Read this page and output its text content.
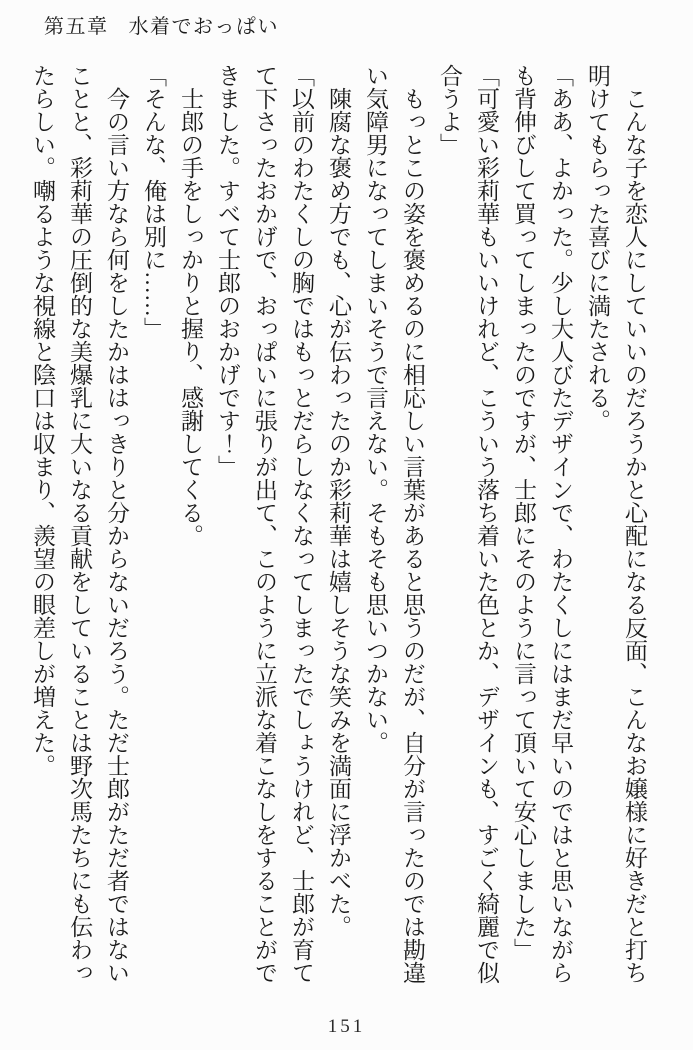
第五章 水着でおっぱい

こんな子を恋人にしていいのだろうかと心配になる反面、こんなお嬢様に好きだと打ち明けてもらった喜びに満たされる。

「ああ、よかった。少し大人びたデザインで、わたくしにはまだ早いのではと思いながらも背伸びして買ってしまったのですが、士郎にそのように言って頂いて安心しました」

「可愛い彩莉華もいいけれど、こういう落ち着いた色とか、デザインも、すごく綺麗で似合うよ」

もっとこの姿を褒めるのに相応しい言葉があると思うのだが、自分が言ったのでは勘違い気障男になってしまいそうで言えない。そもそも思いつかない。

陳腐な褒め方でも、心が伝わったのか彩莉華は嬉しそうな笑みを満面に浮かべた。

「以前のわたくしの胸ではもっとだらしなくなってしまったでしょうけれど、士郎が育てて下さったおかげで、おっぱいに張りが出て、このように立派な着こなしをすることができました。すべて士郎のおかげです！」

士郎の手をしっかりと握り、感謝してくる。

「そんな、俺は別に……」

今の言い方なら何をしたかははっきりと分からないだろう。ただ士郎がただ者ではないことと、彩莉華の圧倒的な美爆乳に大いなる貢献をしていることは野次馬たちにも伝わったらしい。嘲るような視線と陰口は収まり、羨望の眼差しが増えた。

151
